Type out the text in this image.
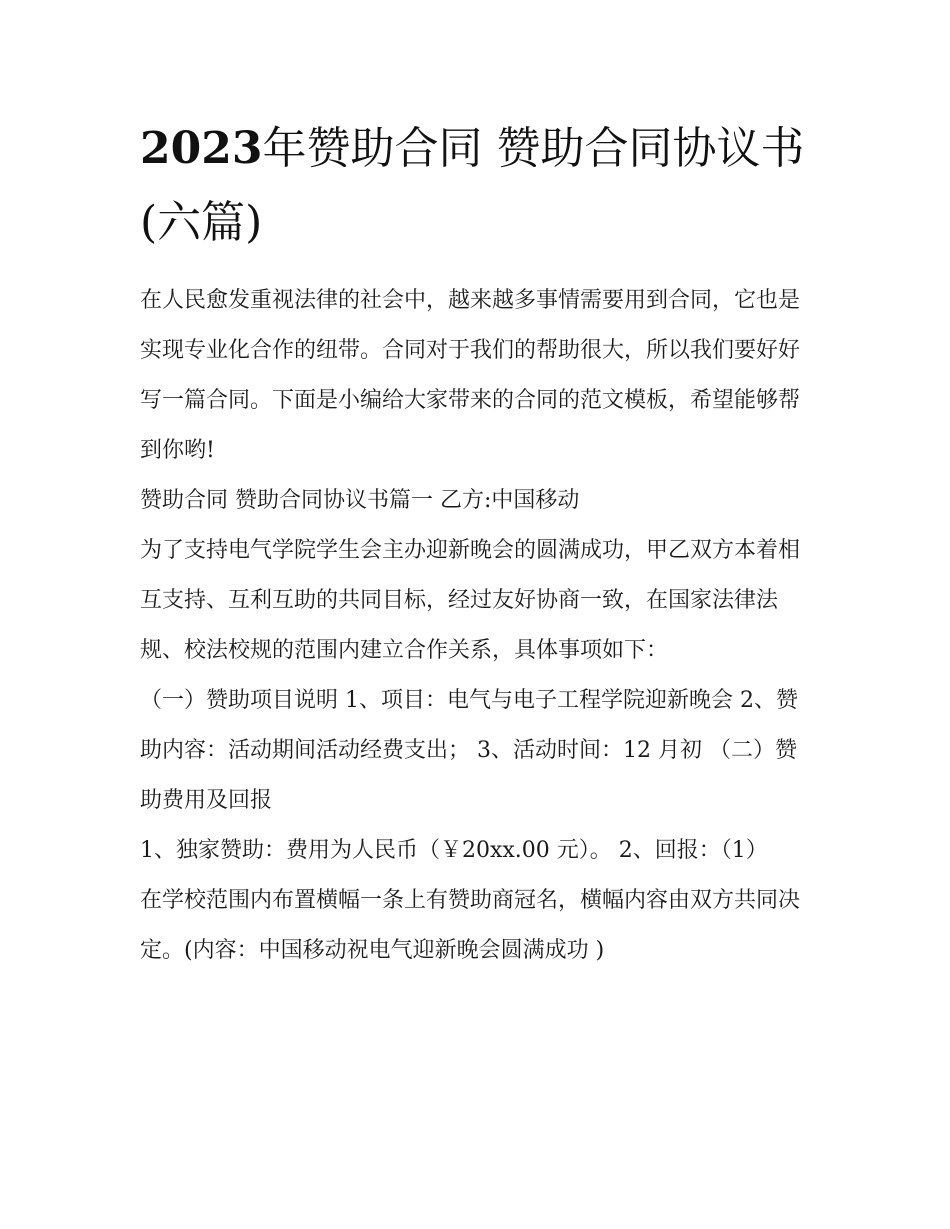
2023年赞助合同 赞助合同协议书(六篇)

在人民愈发重视法律的社会中，越来越多事情需要用到合同，它也是实现专业化合作的纽带。合同对于我们的帮助很大，所以我们要好好写一篇合同。下面是小编给大家带来的合同的范文模板，希望能够帮到你哟!

赞助合同 赞助合同协议书篇一 乙方:中国移动

为了支持电气学院学生会主办迎新晚会的圆满成功，甲乙双方本着相互支持、互利互助的共同目标，经过友好协商一致，在国家法律法规、校法校规的范围内建立合作关系，具体事项如下：

（一）赞助项目说明 1、项目：电气与电子工程学院迎新晚会 2、赞助内容：活动期间活动经费支出； 3、活动时间：12 月初 （二）赞助费用及回报

1、独家赞助：费用为人民币（￥20xx.00 元）。 2、回报：（1）

在学校范围内布置横幅一条上有赞助商冠名，横幅内容由双方共同决定。(内容：中国移动祝电气迎新晚会圆满成功 )
